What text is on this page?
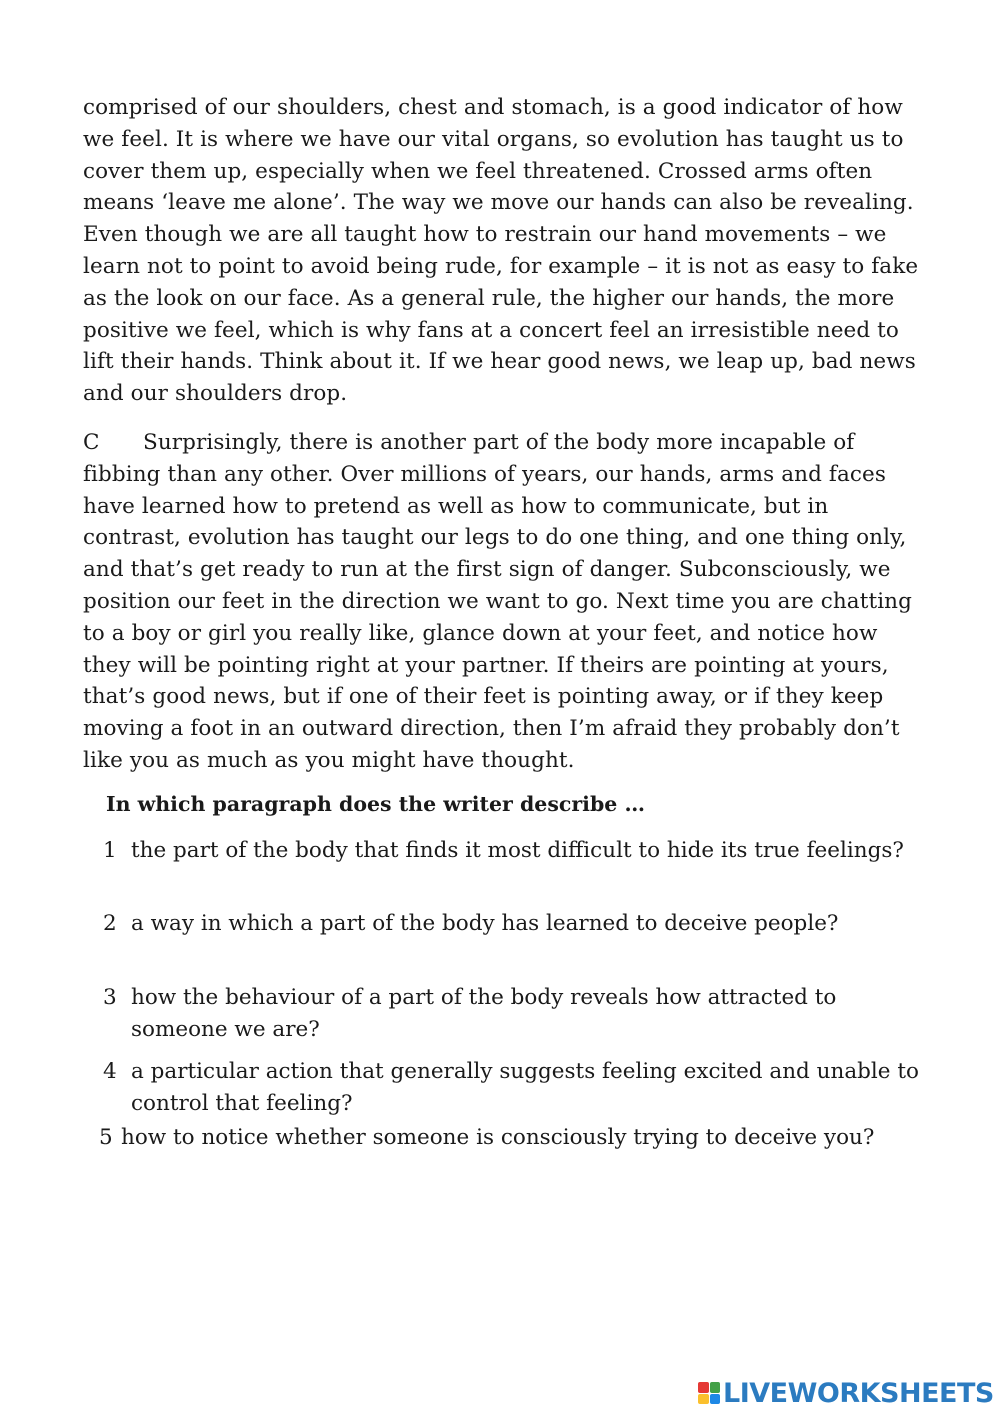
comprised of our shoulders, chest and stomach, is a good indicator of how we feel. It is where we have our vital organs, so evolution has taught us to cover them up, especially when we feel threatened. Crossed arms often means ‘leave me alone’. The way we move our hands can also be revealing. Even though we are all taught how to restrain our hand movements – we learn not to point to avoid being rude, for example – it is not as easy to fake as the look on our face. As a general rule, the higher our hands, the more positive we feel, which is why fans at a concert feel an irresistible need to lift their hands. Think about it. If we hear good news, we leap up, bad news and our shoulders drop.

C Surprisingly, there is another part of the body more incapable of fibbing than any other. Over millions of years, our hands, arms and faces have learned how to pretend as well as how to communicate, but in contrast, evolution has taught our legs to do one thing, and one thing only, and that’s get ready to run at the first sign of danger. Subconsciously, we position our feet in the direction we want to go. Next time you are chatting to a boy or girl you really like, glance down at your feet, and notice how they will be pointing right at your partner. If theirs are pointing at yours, that’s good news, but if one of their feet is pointing away, or if they keep moving a foot in an outward direction, then I’m afraid they probably don’t like you as much as you might have thought.

In which paragraph does the writer describe …

1 the part of the body that finds it most difficult to hide its true feelings?
2 a way in which a part of the body has learned to deceive people?
3 how the behaviour of a part of the body reveals how attracted to someone we are?
4 a particular action that generally suggests feeling excited and unable to control that feeling?
5 how to notice whether someone is consciously trying to deceive you?
LIVEWORKSHEETS
